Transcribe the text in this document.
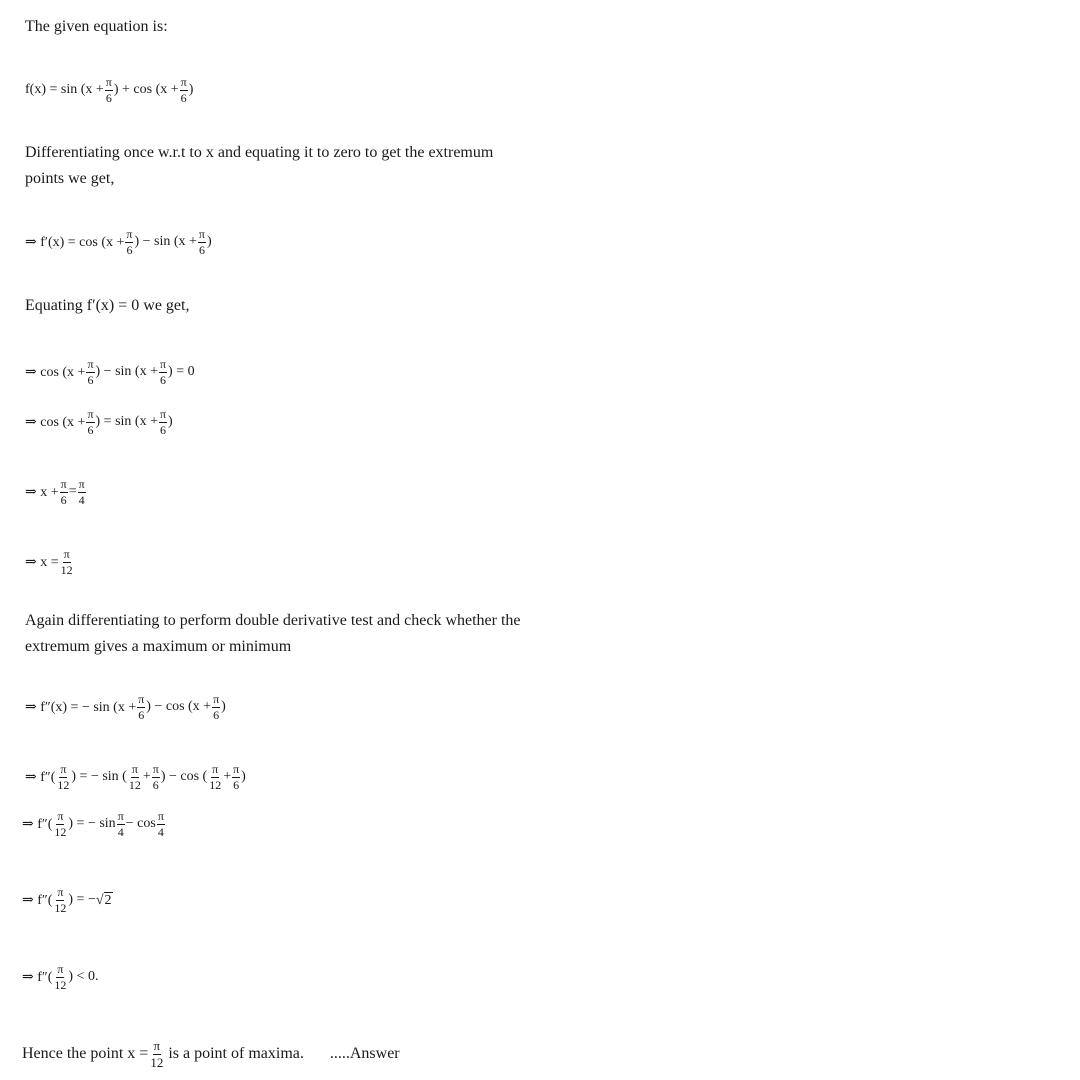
The given equation is:
$f(x) = \sin (x + \frac{\pi}{6}$ ) + $\cos (x + \frac{\pi}{6}$ )
Differentiating once w.r.t to x and equating it to zero to get the extremum
points we get,
⇒ $f'(x) = \cos (x + \frac{\pi}{6}$ ) − $\sin (x + \frac{\pi}{6}$ )
Equating f′(x) = 0 we get,
⇒ $\cos (x + \frac{\pi}{6}$ ) − $\sin (x + \frac{\pi}{6}$ ) = 0
⇒ $\cos (x + \frac{\pi}{6}$ ) = $\sin (x + \frac{\pi}{6}$ )
⇒ $x + \frac{\pi}{6} = \frac{\pi}{4}$
⇒ $x = \frac{\pi}{12}$
Again differentiating to perform double derivative test and check whether the
extremum gives a maximum or minimum
⇒ f″(x) = − $\sin (x + \frac{\pi}{6}$ ) − $\cos (x + \frac{\pi}{6}$ )
⇒ $f''( \frac{\pi}{12}$ ) = − sin ( $\frac{\pi}{12} + \frac{\pi}{6}$ ) − cos ( $\frac{\pi}{12} + \frac{\pi}{6}$ )
⇒ $f''( \frac{\pi}{12}$ ) = − $\sin \frac{\pi}{4} - \cos \frac{\pi}{4}$
⇒ $f''( \frac{\pi}{12}$ ) = − √ 2
⇒ $f''( \frac{\pi}{12}$ ) < 0.
Hence the point $x = \frac{\pi}{12}$ is a point of maxima. .....Answer
